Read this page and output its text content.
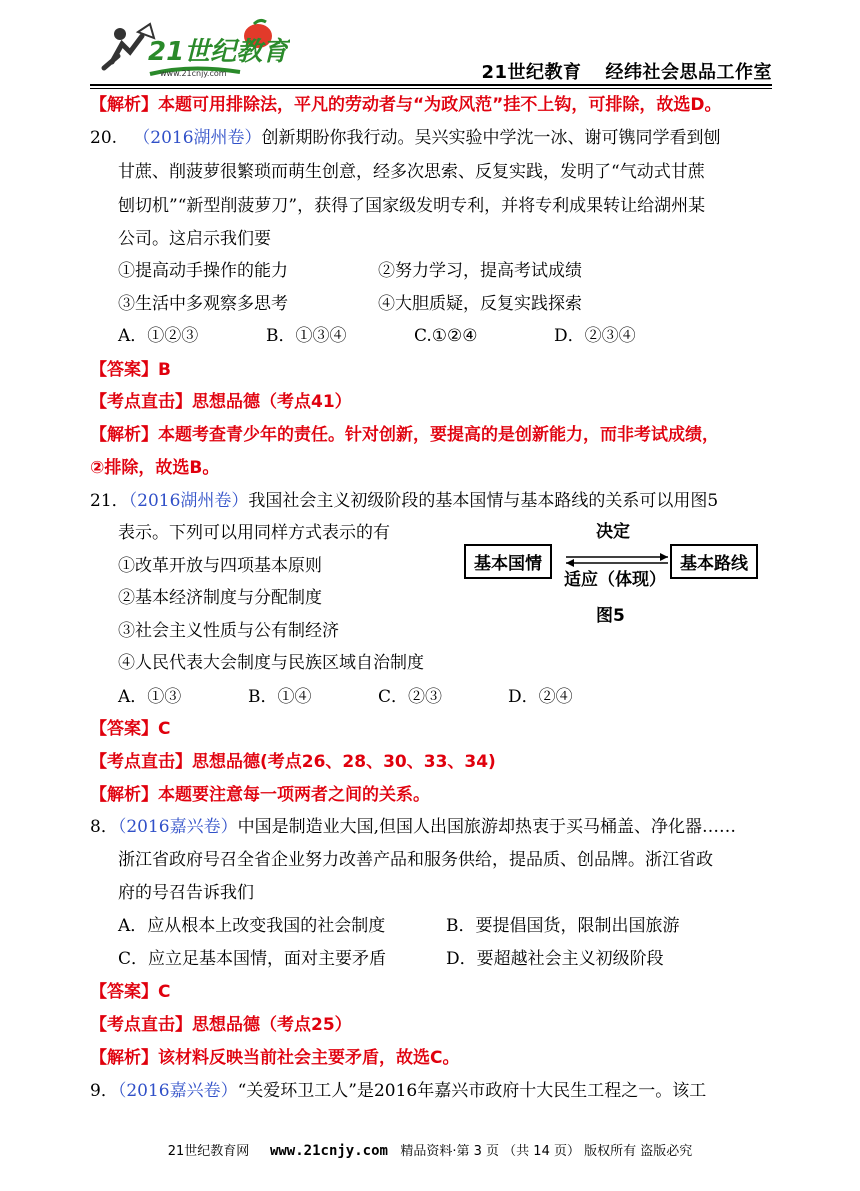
21世纪教育
www.21cnjy.com	21世纪教育 经纬社会思品工作室
【解析】本题可用排除法，平凡的劳动者与“为政风范”挂不上钩，可排除，故选D。
20. （2016湖州卷）创新期盼你我行动。吴兴实验中学沈一冰、谢可镌同学看到刨
甘蔗、削菠萝很繁琐而萌生创意，经多次思索、反复实践，发明了“气动式甘蔗
刨切机”“新型削菠萝刀”，获得了国家级发明专利，并将专利成果转让给湖州某
公司。这启示我们要
①提高动手操作的能力	②努力学习，提高考试成绩
③生活中多观察多思考	④大胆质疑，反复实践探索
A．①②③	B．①③④	C.①②④	D．②③④
【答案】B
【考点直击】思想品德（考点41）
【解析】本题考查青少年的责任。针对创新，要提高的是创新能力，而非考试成绩，
②排除，故选B。
21．（2016湖州卷）我国社会主义初级阶段的基本国情与基本路线的关系可以用图5
表示。下列可以用同样方式表示的有
①改革开放与四项基本原则
②基本经济制度与分配制度
③社会主义性质与公有制经济
④人民代表大会制度与民族区域自治制度
A．①③	B．①④	C．②③	D．②④
决定
基本国情	基本路线
适应（体现）
图5
【答案】C
【考点直击】思想品德(考点26、28、30、33、34)
【解析】本题要注意每一项两者之间的关系。
8．（2016嘉兴卷）中国是制造业大国,但国人出国旅游却热衷于买马桶盖、净化器……
浙江省政府号召全省企业努力改善产品和服务供给，提品质、创品牌。浙江省政
府的号召告诉我们
A．应从根本上改变我国的社会制度	B．要提倡国货，限制出国旅游
C．应立足基本国情，面对主要矛盾	D．要超越社会主义初级阶段
【答案】C
【考点直击】思想品德（考点25）
【解析】该材料反映当前社会主要矛盾，故选C。
9．（2016嘉兴卷）“关爱环卫工人”是2016年嘉兴市政府十大民生工程之一。该工
21世纪教育网 www.21cnjy.com 精品资料·第 3 页 （共 14 页） 版权所有 盗版必究
